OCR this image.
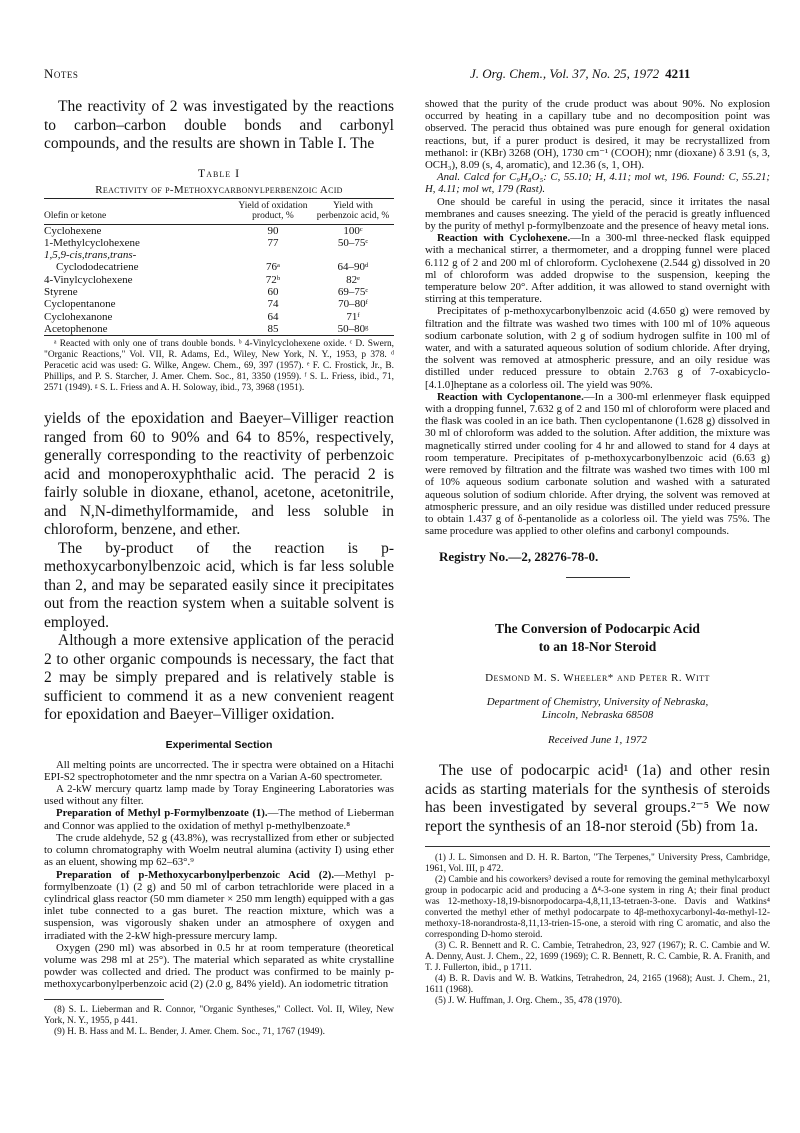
Notes	J. Org. Chem., Vol. 37, No. 25, 1972 4211

The reactivity of 2 was investigated by the reactions to carbon–carbon double bonds and carbonyl compounds, and the results are shown in Table I. The

Table I
Reactivity of p-Methoxycarbonylperbenzoic Acid
Olefin or ketone	Yield of oxidation product, %	Yield with perbenzoic acid, %
Cyclohexene	90	100ᶜ
1-Methylcyclohexene	77	50–75ᶜ
1,5,9-cis,trans,trans-		
Cyclododecatriene	76ᵃ	64–90ᵈ
4-Vinylcyclohexene	72ᵇ	82ᵉ
Styrene	60	69–75ᶜ
Cyclopentanone	74	70–80ᶠ
Cyclohexanone	64	71ᶠ
Acetophenone	85	50–80ᵍ

ᵃ Reacted with only one of trans double bonds. ᵇ 4-Vinylcyclohexene oxide. ᶜ D. Swern, "Organic Reactions," Vol. VII, R. Adams, Ed., Wiley, New York, N. Y., 1953, p 378. ᵈ Peracetic acid was used: G. Wilke, Angew. Chem., 69, 397 (1957). ᵉ F. C. Frostick, Jr., B. Phillips, and P. S. Starcher, J. Amer. Chem. Soc., 81, 3350 (1959). ᶠ S. L. Friess, ibid., 71, 2571 (1949). ᵍ S. L. Friess and A. H. Soloway, ibid., 73, 3968 (1951).

yields of the epoxidation and Baeyer–Villiger reaction ranged from 60 to 90% and 64 to 85%, respectively, generally corresponding to the reactivity of perbenzoic acid and monoperoxyphthalic acid. The peracid 2 is fairly soluble in dioxane, ethanol, acetone, acetonitrile, and N,N-dimethylformamide, and less soluble in chloroform, benzene, and ether.

The by-product of the reaction is p-methoxycarbonylbenzoic acid, which is far less soluble than 2, and may be separated easily since it precipitates out from the reaction system when a suitable solvent is employed.

Although a more extensive application of the peracid 2 to other organic compounds is necessary, the fact that 2 may be simply prepared and is relatively stable is sufficient to commend it as a new convenient reagent for epoxidation and Baeyer–Villiger oxidation.

Experimental Section

All melting points are uncorrected. The ir spectra were obtained on a Hitachi EPI-S2 spectrophotometer and the nmr spectra on a Varian A-60 spectrometer.

A 2-kW mercury quartz lamp made by Toray Engineering Laboratories was used without any filter.

Preparation of Methyl p-Formylbenzoate (1).—The method of Lieberman and Connor was applied to the oxidation of methyl p-methylbenzoate.⁸

The crude aldehyde, 52 g (43.8%), was recrystallized from ether or subjected to column chromatography with Woelm neutral alumina (activity I) using ether as an eluent, showing mp 62–63°.⁹

Preparation of p-Methoxycarbonylperbenzoic Acid (2).—Methyl p-formylbenzoate (1) (2 g) and 50 ml of carbon tetrachloride were placed in a cylindrical glass reactor (50 mm diameter × 250 mm length) equipped with a gas inlet tube connected to a gas buret. The reaction mixture, which was a suspension, was vigorously shaken under an atmosphere of oxygen and irradiated with the 2-kW high-pressure mercury lamp.

Oxygen (290 ml) was absorbed in 0.5 hr at room temperature (theoretical volume was 298 ml at 25°). The material which separated as white crystalline powder was collected and dried. The product was confirmed to be mainly p-methoxycarbonylperbenzoic acid (2) (2.0 g, 84% yield). An iodometric titration

(8) S. L. Lieberman and R. Connor, "Organic Syntheses," Collect. Vol. II, Wiley, New York, N. Y., 1955, p 441.

(9) H. B. Hass and M. L. Bender, J. Amer. Chem. Soc., 71, 1767 (1949).

showed that the purity of the crude product was about 90%. No explosion occurred by heating in a capillary tube and no decomposition point was observed. The peracid thus obtained was pure enough for general oxidation reactions, but, if a purer product is desired, it may be recrystallized from methanol: ir (KBr) 3268 (OH), 1730 cm⁻¹ (COOH); nmr (dioxane) δ 3.91 (s, 3, OCH₃), 8.09 (s, 4, aromatic), and 12.36 (s, 1, OH).

Anal. Calcd for C₉H₈O₅: C, 55.10; H, 4.11; mol wt, 196. Found: C, 55.21; H, 4.11; mol wt, 179 (Rast).

One should be careful in using the peracid, since it irritates the nasal membranes and causes sneezing. The yield of the peracid is greatly influenced by the purity of methyl p-formylbenzoate and the presence of heavy metal ions.

Reaction with Cyclohexene.—In a 300-ml three-necked flask equipped with a mechanical stirrer, a thermometer, and a dropping funnel were placed 6.112 g of 2 and 200 ml of chloroform. Cyclohexene (2.544 g) dissolved in 20 ml of chloroform was added dropwise to the suspension, keeping the temperature below 20°. After addition, it was allowed to stand overnight with stirring at this temperature.

Precipitates of p-methoxycarbonylbenzoic acid (4.650 g) were removed by filtration and the filtrate was washed two times with 100 ml of 10% aqueous sodium carbonate solution, with 2 g of sodium hydrogen sulfite in 100 ml of water, and with a saturated aqueous solution of sodium chloride. After drying, the solvent was removed at atmospheric pressure, and an oily residue was distilled under reduced pressure to obtain 2.763 g of 7-oxabicyclo-[4.1.0]heptane as a colorless oil. The yield was 90%.

Reaction with Cyclopentanone.—In a 300-ml erlenmeyer flask equipped with a dropping funnel, 7.632 g of 2 and 150 ml of chloroform were placed and the flask was cooled in an ice bath. Then cyclopentanone (1.628 g) dissolved in 30 ml of chloroform was added to the solution. After addition, the mixture was magnetically stirred under cooling for 4 hr and allowed to stand for 4 days at room temperature. Precipitates of p-methoxycarbonylbenzoic acid (6.63 g) were removed by filtration and the filtrate was washed two times with 100 ml of 10% aqueous sodium carbonate solution and washed with a saturated aqueous solution of sodium chloride. After drying, the solvent was removed at atmospheric pressure, and an oily residue was distilled under reduced pressure to obtain 1.437 g of δ-pentanolide as a colorless oil. The yield was 75%. The same procedure was applied to other olefins and carbonyl compounds.

Registry No.—2, 28276-78-0.

The Conversion of Podocarpic Acid
to an 18-Nor Steroid
Desmond M. S. Wheeler* and Peter R. Witt
Department of Chemistry, University of Nebraska,
Lincoln, Nebraska 68508
Received June 1, 1972

The use of podocarpic acid¹ (1a) and other resin acids as starting materials for the synthesis of steroids has been investigated by several groups.²⁻⁵ We now report the synthesis of an 18-nor steroid (5b) from 1a.

(1) J. L. Simonsen and D. H. R. Barton, "The Terpenes," University Press, Cambridge, 1961, Vol. III, p 472.

(2) Cambie and his coworkers³ devised a route for removing the geminal methylcarboxyl group in podocarpic acid and producing a Δ⁴-3-one system in ring A; their final product was 12-methoxy-18,19-bisnorpodocarpa-4,8,11,13-tetraen-3-one. Davis and Watkins⁴ converted the methyl ether of methyl podocarpate to 4β-methoxycarbonyl-4α-methyl-12-methoxy-18-norandrosta-8,11,13-trien-15-one, a steroid with ring C aromatic, and also the corresponding D-homo steroid.

(3) C. R. Bennett and R. C. Cambie, Tetrahedron, 23, 927 (1967); R. C. Cambie and W. A. Denny, Aust. J. Chem., 22, 1699 (1969); C. R. Bennett, R. C. Cambie, R. A. Franith, and T. J. Fullerton, ibid., p 1711.

(4) B. R. Davis and W. B. Watkins, Tetrahedron, 24, 2165 (1968); Aust. J. Chem., 21, 1611 (1968).

(5) J. W. Huffman, J. Org. Chem., 35, 478 (1970).
